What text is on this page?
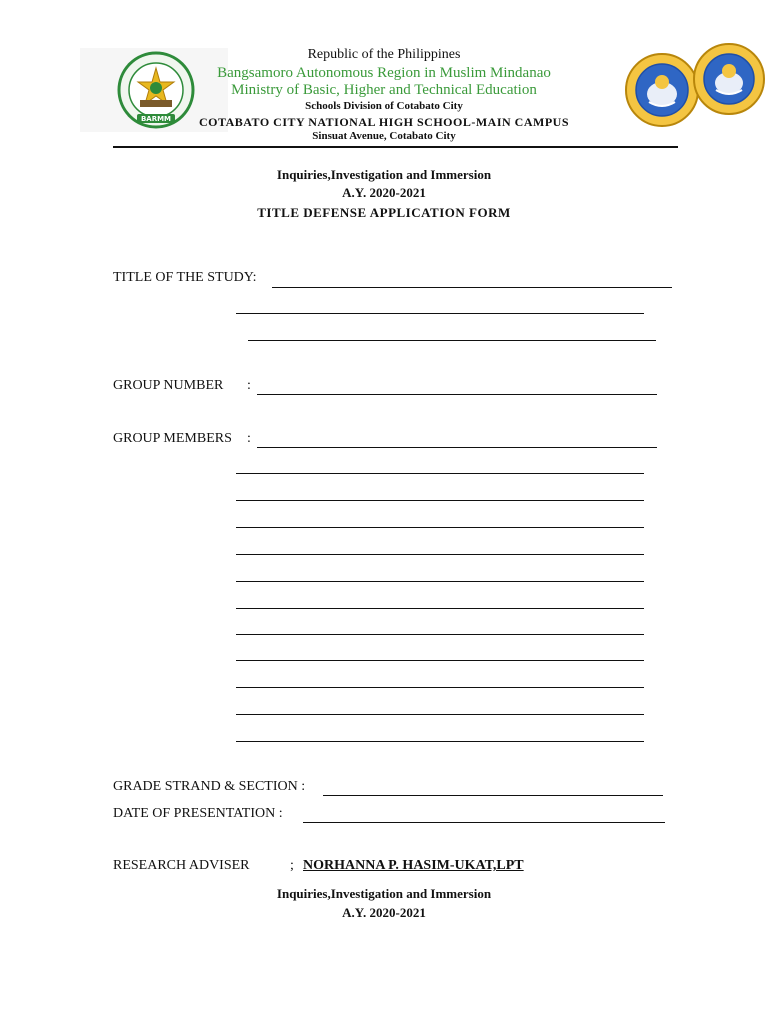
BARMM
Republic of the Philippines
Bangsamoro Autonomous Region in Muslim Mindanao
Ministry of Basic, Higher and Technical Education
Schools Division of Cotabato City
COTABATO CITY NATIONAL HIGH SCHOOL-MAIN CAMPUS
Sinsuat Avenue, Cotabato City
Inquiries,Investigation and Immersion
A.Y. 2020-2021
TITLE DEFENSE APPLICATION FORM
TITLE OF THE STUDY:
GROUP NUMBER :
GROUP MEMBERS :
GRADE STRAND & SECTION :
DATE OF PRESENTATION :
RESEARCH ADVISER	; NORHANNA P. HASIM-UKAT,LPT
Inquiries,Investigation and Immersion
A.Y. 2020-2021
